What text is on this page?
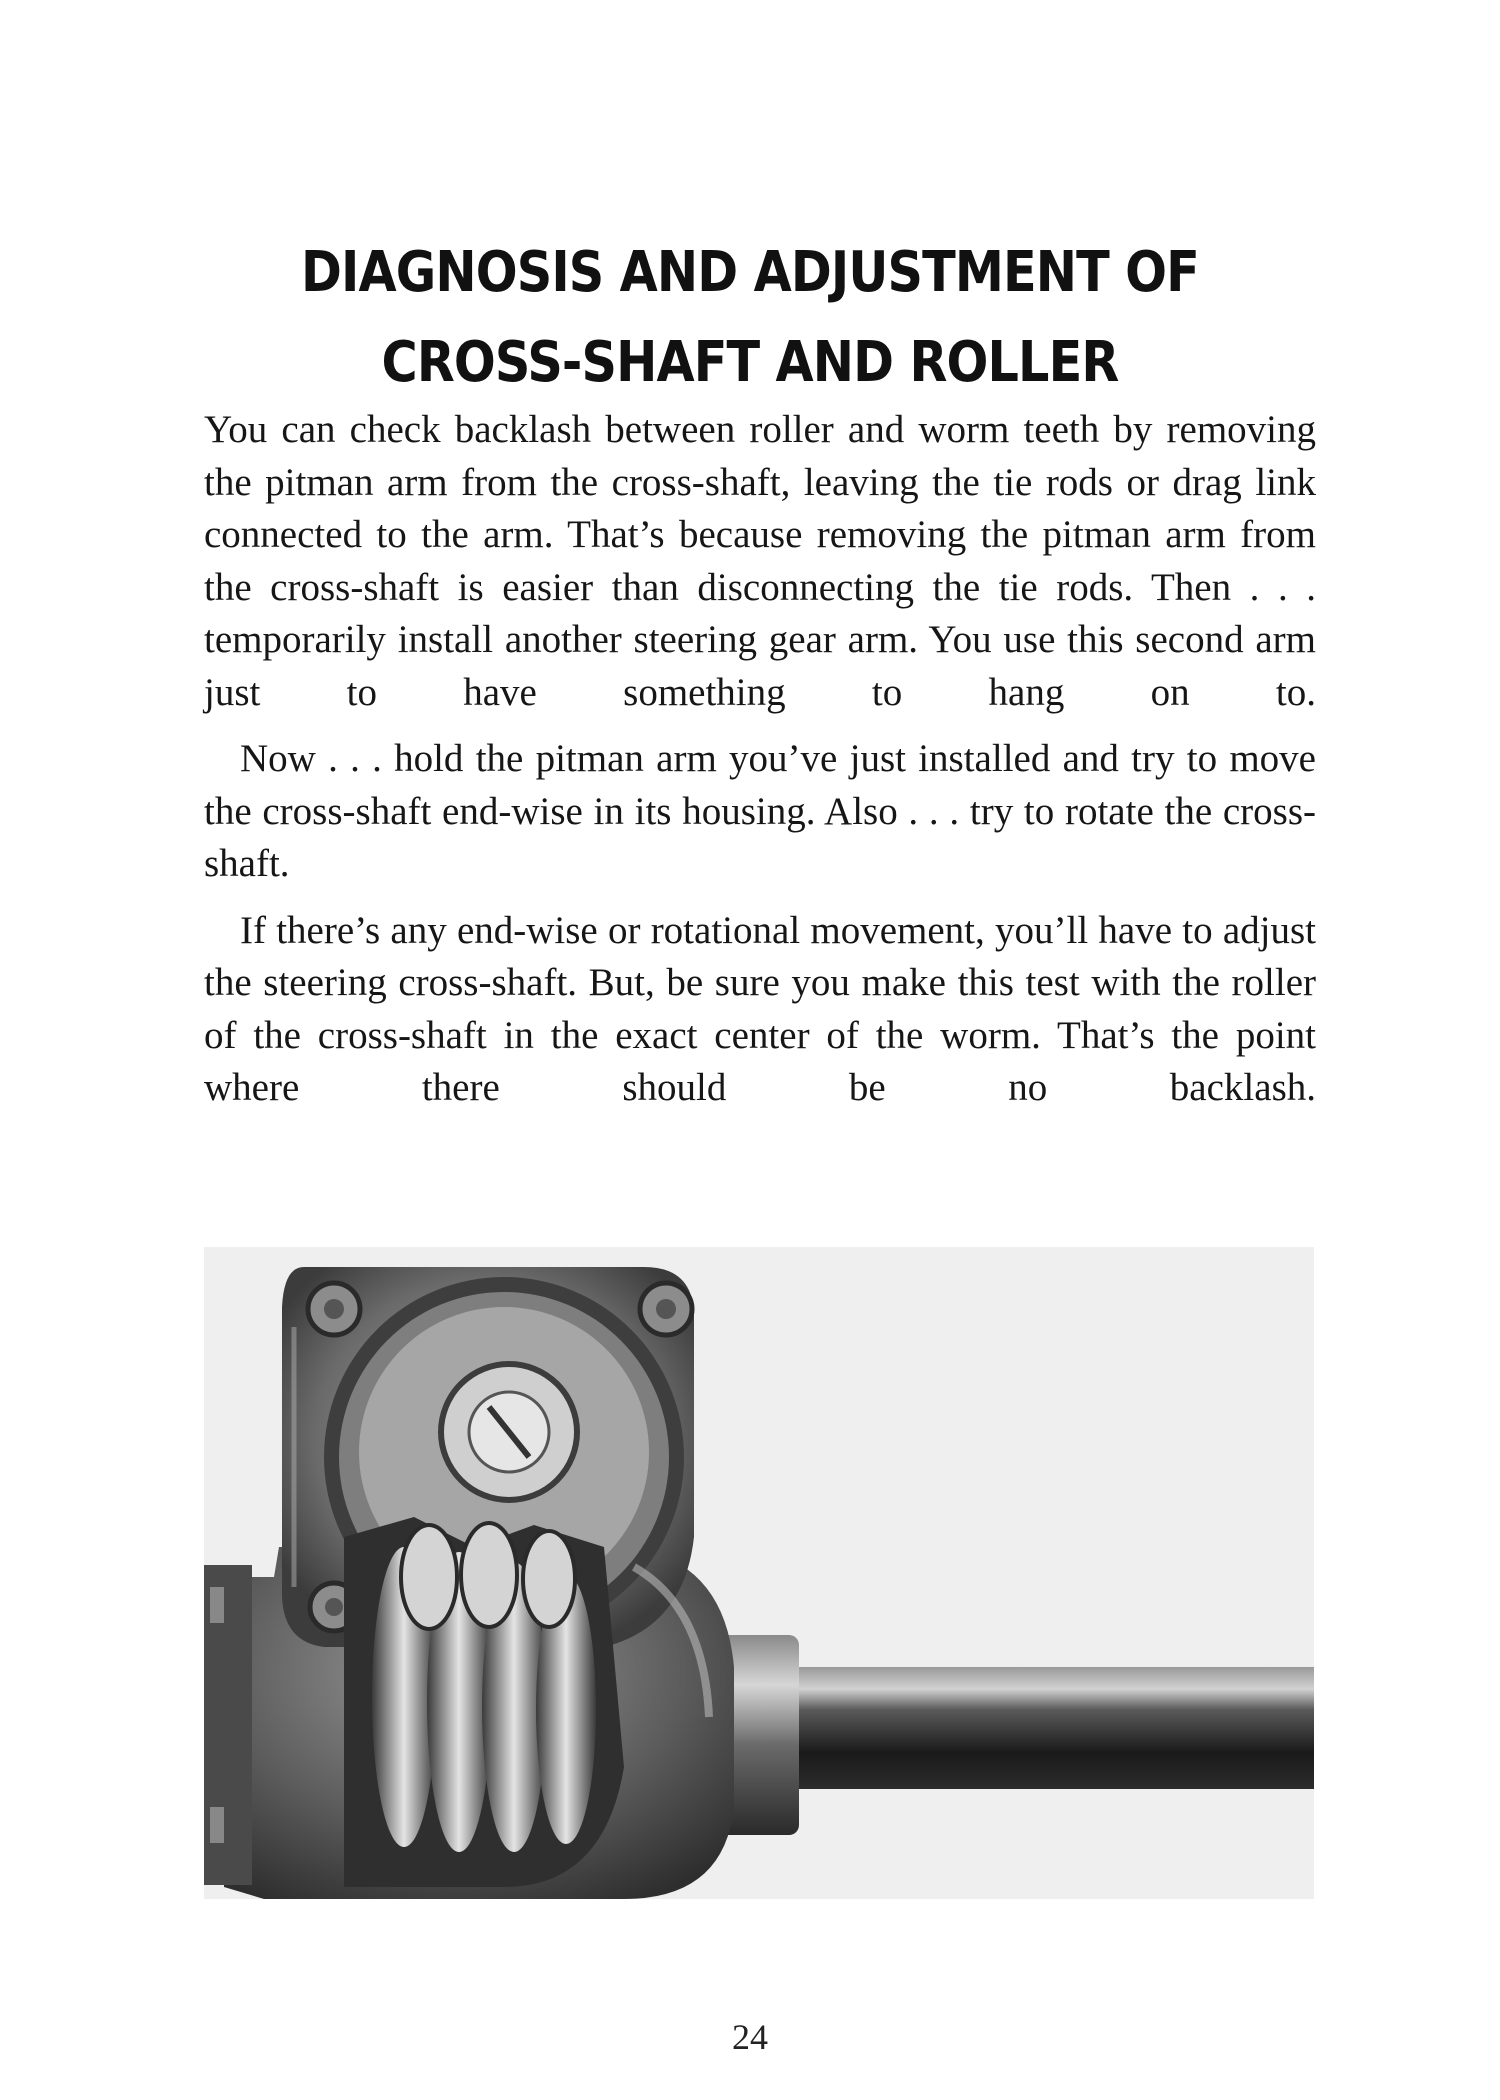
DIAGNOSIS AND ADJUSTMENT OF
CROSS-SHAFT AND ROLLER

You can check backlash between roller and worm teeth by removing the pitman arm from the cross-shaft, leaving the tie rods or drag link connected to the arm. That’s because removing the pitman arm from the cross-shaft is easier than disconnecting the tie rods. Then . . . temporarily install another steering gear arm. You use this second arm just to have something to hang on to.

Now . . . hold the pitman arm you’ve just installed and try to move the cross-shaft end-wise in its housing. Also . . . try to rotate the cross-shaft.

If there’s any end-wise or rotational movement, you’ll have to adjust the steering cross-shaft. But, be sure you make this test with the roller of the cross-shaft in the exact center of the worm. That’s the point where there should be no backlash.

24
